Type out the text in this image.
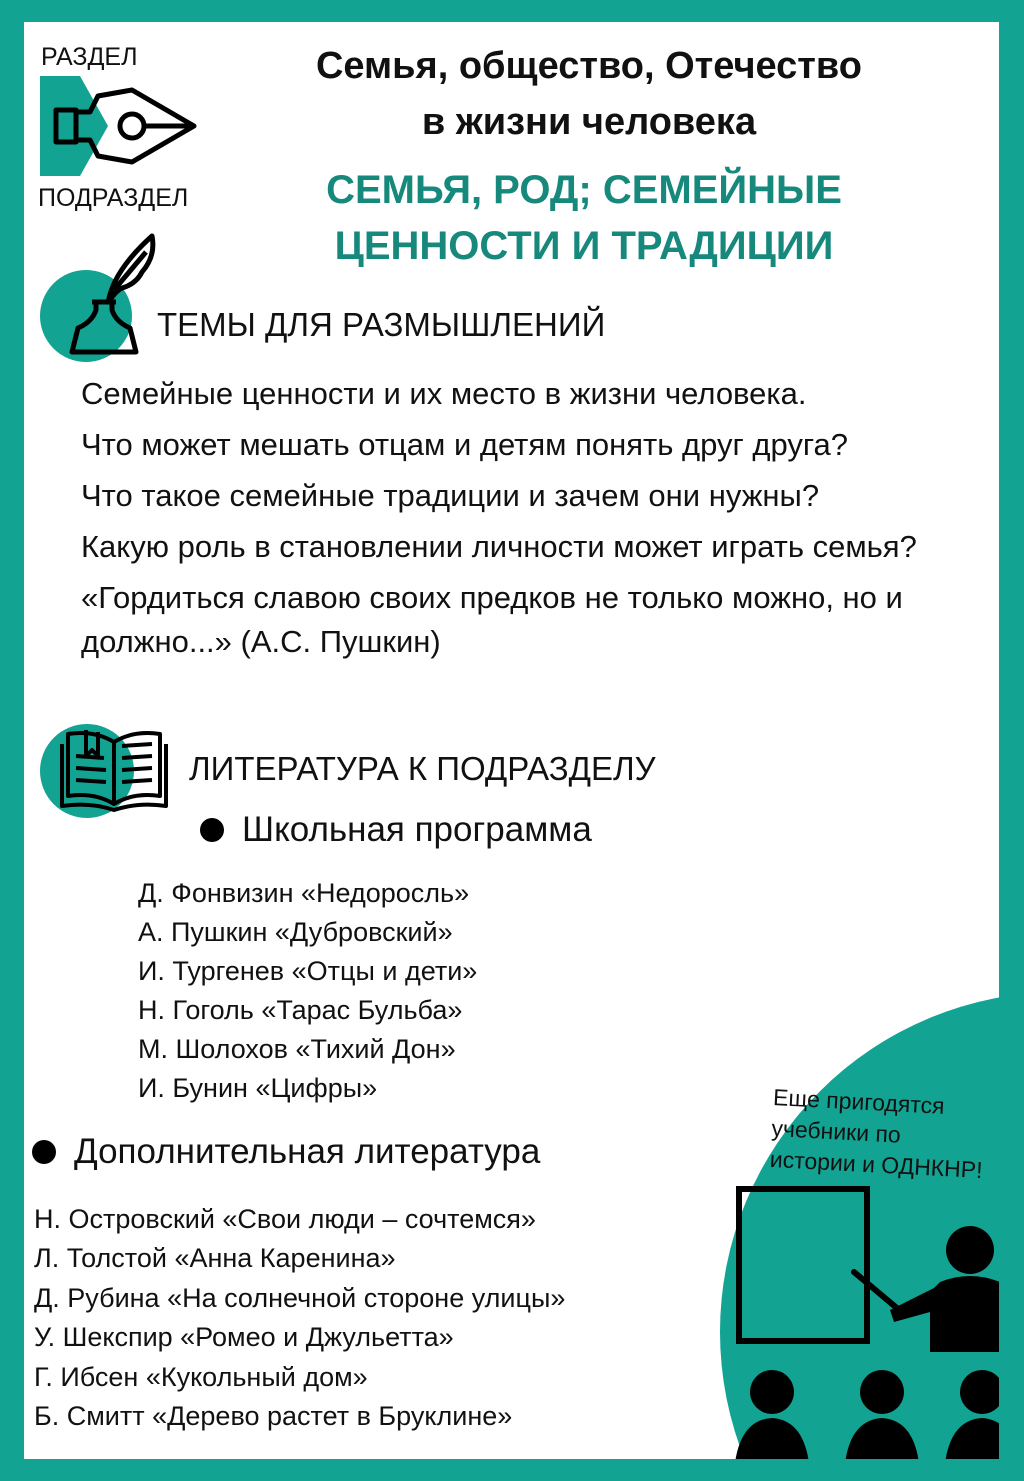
РАЗДЕЛ
ПОДРАЗДЕЛ
Семья, общество, Отечество
в жизни человека
СЕМЬЯ, РОД; СЕМЕЙНЫЕ
ЦЕННОСТИ И ТРАДИЦИИ
ТЕМЫ ДЛЯ РАЗМЫШЛЕНИЙ
Семейные ценности и их место в жизни человека.
Что может мешать отцам и детям понять друг друга?
Что такое семейные традиции и зачем они нужны?
Какую роль в становлении личности может играть семья?
«Гордиться славою своих предков не только можно, но и должно...» (А.С. Пушкин)
ЛИТЕРАТУРА К ПОДРАЗДЕЛУ
Школьная программа
Д. Фонвизин «Недоросль»
А. Пушкин «Дубровский»
И. Тургенев «Отцы и дети»
Н. Гоголь «Тарас Бульба»
М. Шолохов «Тихий Дон»
И. Бунин «Цифры»
Дополнительная литература
Н. Островский «Свои люди – сочтемся»
Л. Толстой «Анна Каренина»
Д. Рубина «На солнечной стороне улицы»
У. Шекспир «Ромео и Джульетта»
Г. Ибсен «Кукольный дом»
Б. Смитт «Дерево растет в Бруклине»
Еще пригодятся
учебники по
истории и ОДНКНР!
